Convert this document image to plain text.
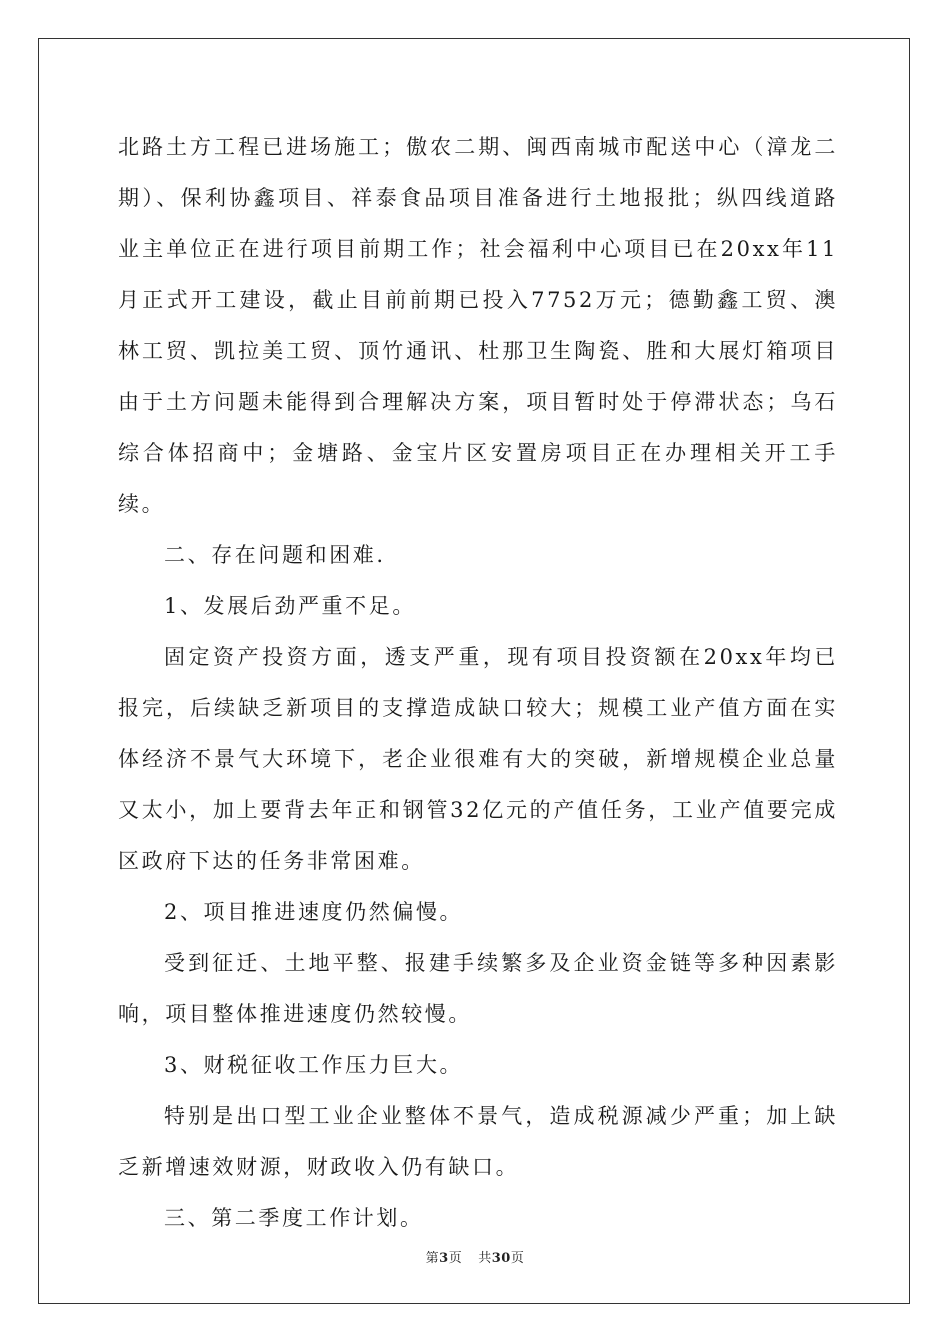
北路土方工程已进场施工；傲农二期、闽西南城市配送中心（漳龙二期）、保利协鑫项目、祥泰食品项目准备进行土地报批；纵四线道路业主单位正在进行项目前期工作；社会福利中心项目已在20xx年11月正式开工建设，截止目前前期已投入7752万元；德勤鑫工贸、澳林工贸、凯拉美工贸、顶竹通讯、杜那卫生陶瓷、胜和大展灯箱项目由于土方问题未能得到合理解决方案，项目暂时处于停滞状态；乌石综合体招商中；金塘路、金宝片区安置房项目正在办理相关开工手续。

二、存在问题和困难.

1、发展后劲严重不足。

固定资产投资方面，透支严重，现有项目投资额在20xx年均已报完，后续缺乏新项目的支撑造成缺口较大；规模工业产值方面在实体经济不景气大环境下，老企业很难有大的突破，新增规模企业总量又太小，加上要背去年正和钢管32亿元的产值任务，工业产值要完成区政府下达的任务非常困难。

2、项目推进速度仍然偏慢。

受到征迁、土地平整、报建手续繁多及企业资金链等多种因素影响，项目整体推进速度仍然较慢。

3、财税征收工作压力巨大。

特别是出口型工业企业整体不景气，造成税源减少严重；加上缺乏新增速效财源，财政收入仍有缺口。

三、第二季度工作计划。

第3页 共30页
